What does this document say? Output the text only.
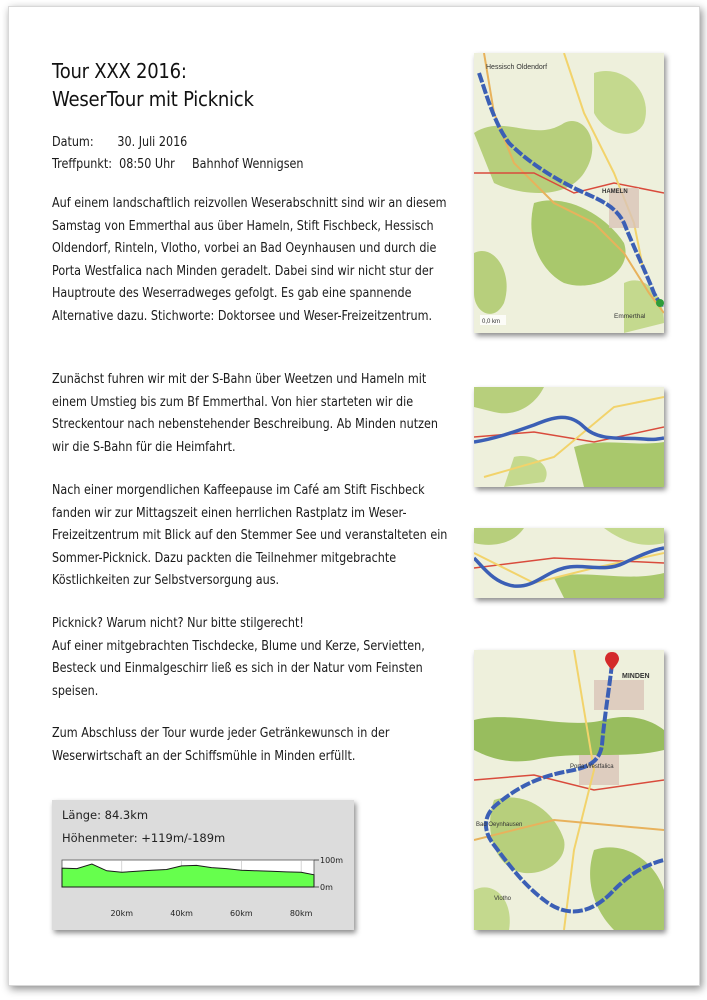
Tour XXX 2016:
WeserTour mit Picknick
Datum: 30. Juli 2016
Treffpunkt: 08:50 Uhr Bahnhof Wennigsen

Auf einem landschaftlich reizvollen Weserabschnitt sind wir an diesem Samstag von Emmerthal aus über Hameln, Stift Fischbeck, Hessisch Oldendorf, Rinteln, Vlotho, vorbei an Bad Oeynhausen und durch die Porta Westfalica nach Minden geradelt. Dabei sind wir nicht stur der Hauptroute des Weserradweges gefolgt. Es gab eine spannende Alternative dazu. Stichworte: Doktorsee und Weser-Freizeitzentrum.

Zunächst fuhren wir mit der S-Bahn über Weetzen und Hameln mit einem Umstieg bis zum Bf Emmerthal. Von hier starteten wir die Streckentour nach nebenstehender Beschreibung. Ab Minden nutzen wir die S-Bahn für die Heimfahrt.

Nach einer morgendlichen Kaffeepause im Café am Stift Fischbeck fanden wir zur Mittagszeit einen herrlichen Rastplatz im Weser-Freizeitzentrum mit Blick auf den Stemmer See und veranstalteten ein Sommer-Picknick. Dazu packten die Teilnehmer mitgebrachte Köstlichkeiten zur Selbstversorgung aus.

Picknick? Warum nicht? Nur bitte stilgerecht!

Auf einer mitgebrachten Tischdecke, Blume und Kerze, Servietten, Besteck und Einmalgeschirr ließ es sich in der Natur vom Feinsten speisen.

Zum Abschluss der Tour wurde jeder Getränkewunsch in der Weserwirtschaft an der Schiffsmühle in Minden erfüllt.

Hessisch Oldendorf
HAMELN
Emmerthal
0,0 km
MINDEN
Porta Westfalica
Bad Oeynhausen
Vlotho
Länge: 84.3km
Höhenmeter: +119m/-189m
100m
0m
20km	40km	60km	80km
